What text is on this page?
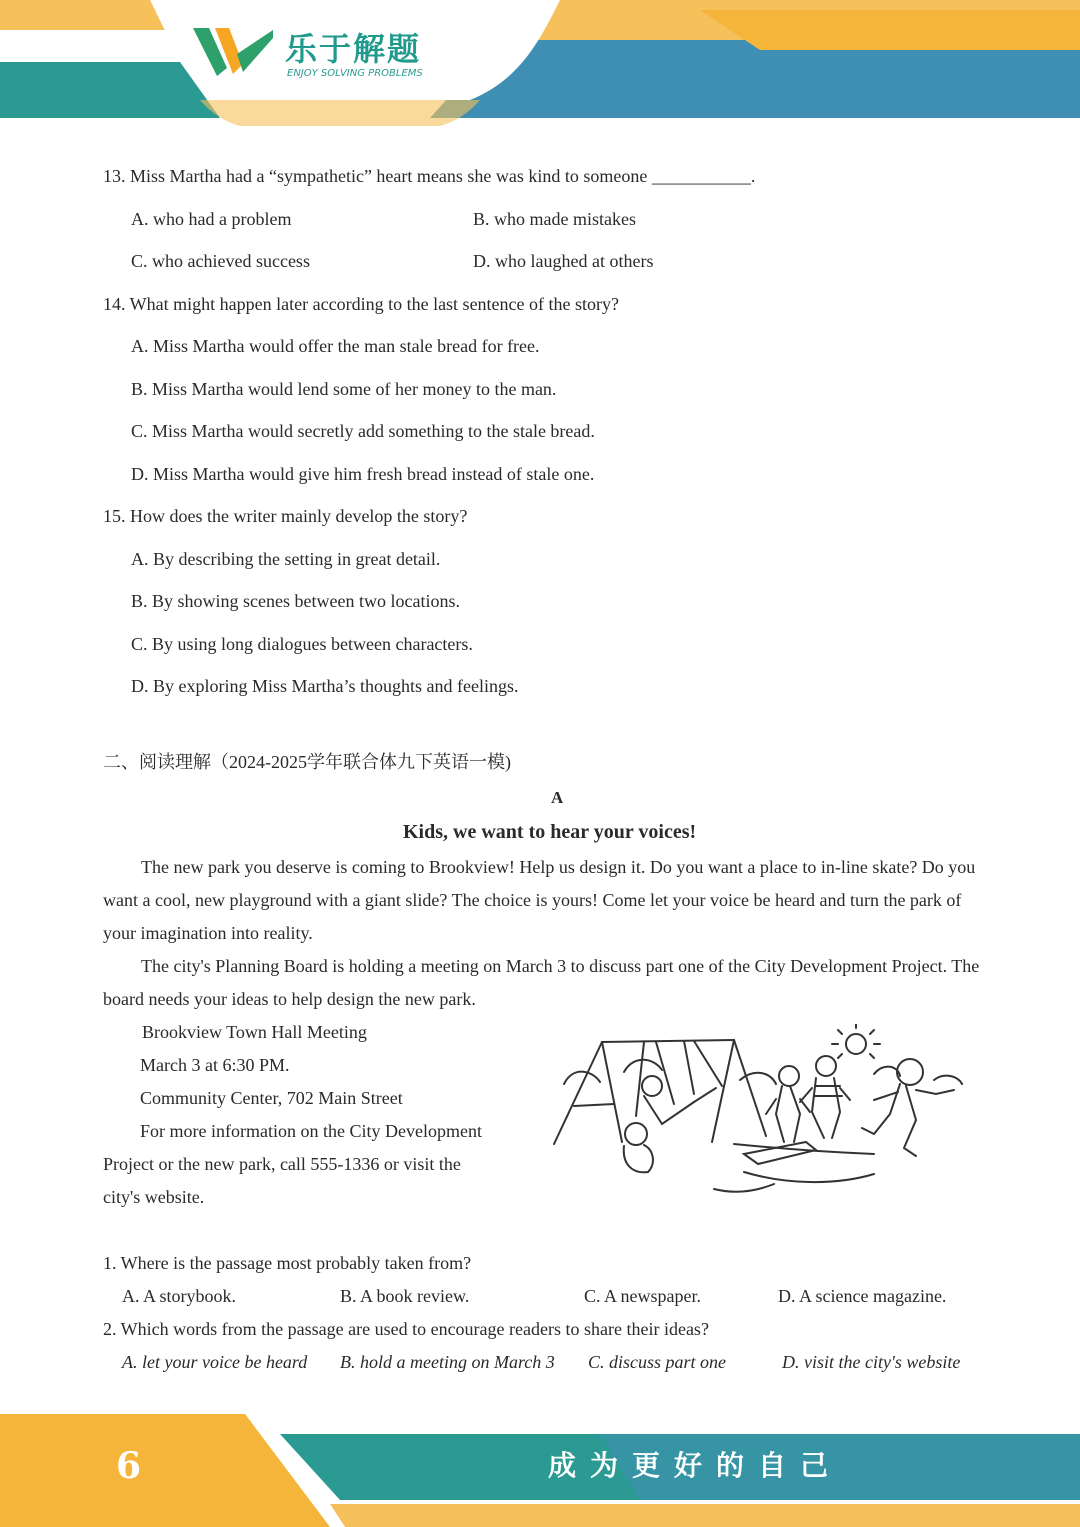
乐于解题
ENJOY SOLVING PROBLEMS
13. Miss Martha had a “sympathetic” heart means she was kind to someone ___________.
A. who had a problem	B. who made mistakes
C. who achieved success	D. who laughed at others
14. What might happen later according to the last sentence of the story?
A. Miss Martha would offer the man stale bread for free.
B. Miss Martha would lend some of her money to the man.
C. Miss Martha would secretly add something to the stale bread.
D. Miss Martha would give him fresh bread instead of stale one.
15. How does the writer mainly develop the story?
A. By describing the setting in great detail.
B. By showing scenes between two locations.
C. By using long dialogues between characters.
D. By exploring Miss Martha’s thoughts and feelings.
二、阅读理解（2024-2025学年联合体九下英语一模)
A
Kids, we want to hear your voices!
The new park you deserve is coming to Brookview! Help us design it. Do you want a place to in-line skate? Do you want a cool, new playground with a giant slide? The choice is yours! Come let your voice be heard and turn the park of your imagination into reality.
The city's Planning Board is holding a meeting on March 3 to discuss part one of the City Development Project. The board needs your ideas to help design the new park.
Brookview Town Hall Meeting
March 3 at 6:30 PM.
Community Center, 702 Main Street
For more information on the City Development
Project or the new park, call 555-1336 or visit the
city's website.
1. Where is the passage most probably taken from?
A. A storybook.	B. A book review.	C. A newspaper.	D. A science magazine.
2. Which words from the passage are used to encourage readers to share their ideas?
A. let your voice be heard B. hold a meeting on March 3 C. discuss part one	D. visit the city's website
6	成为更好的自己
